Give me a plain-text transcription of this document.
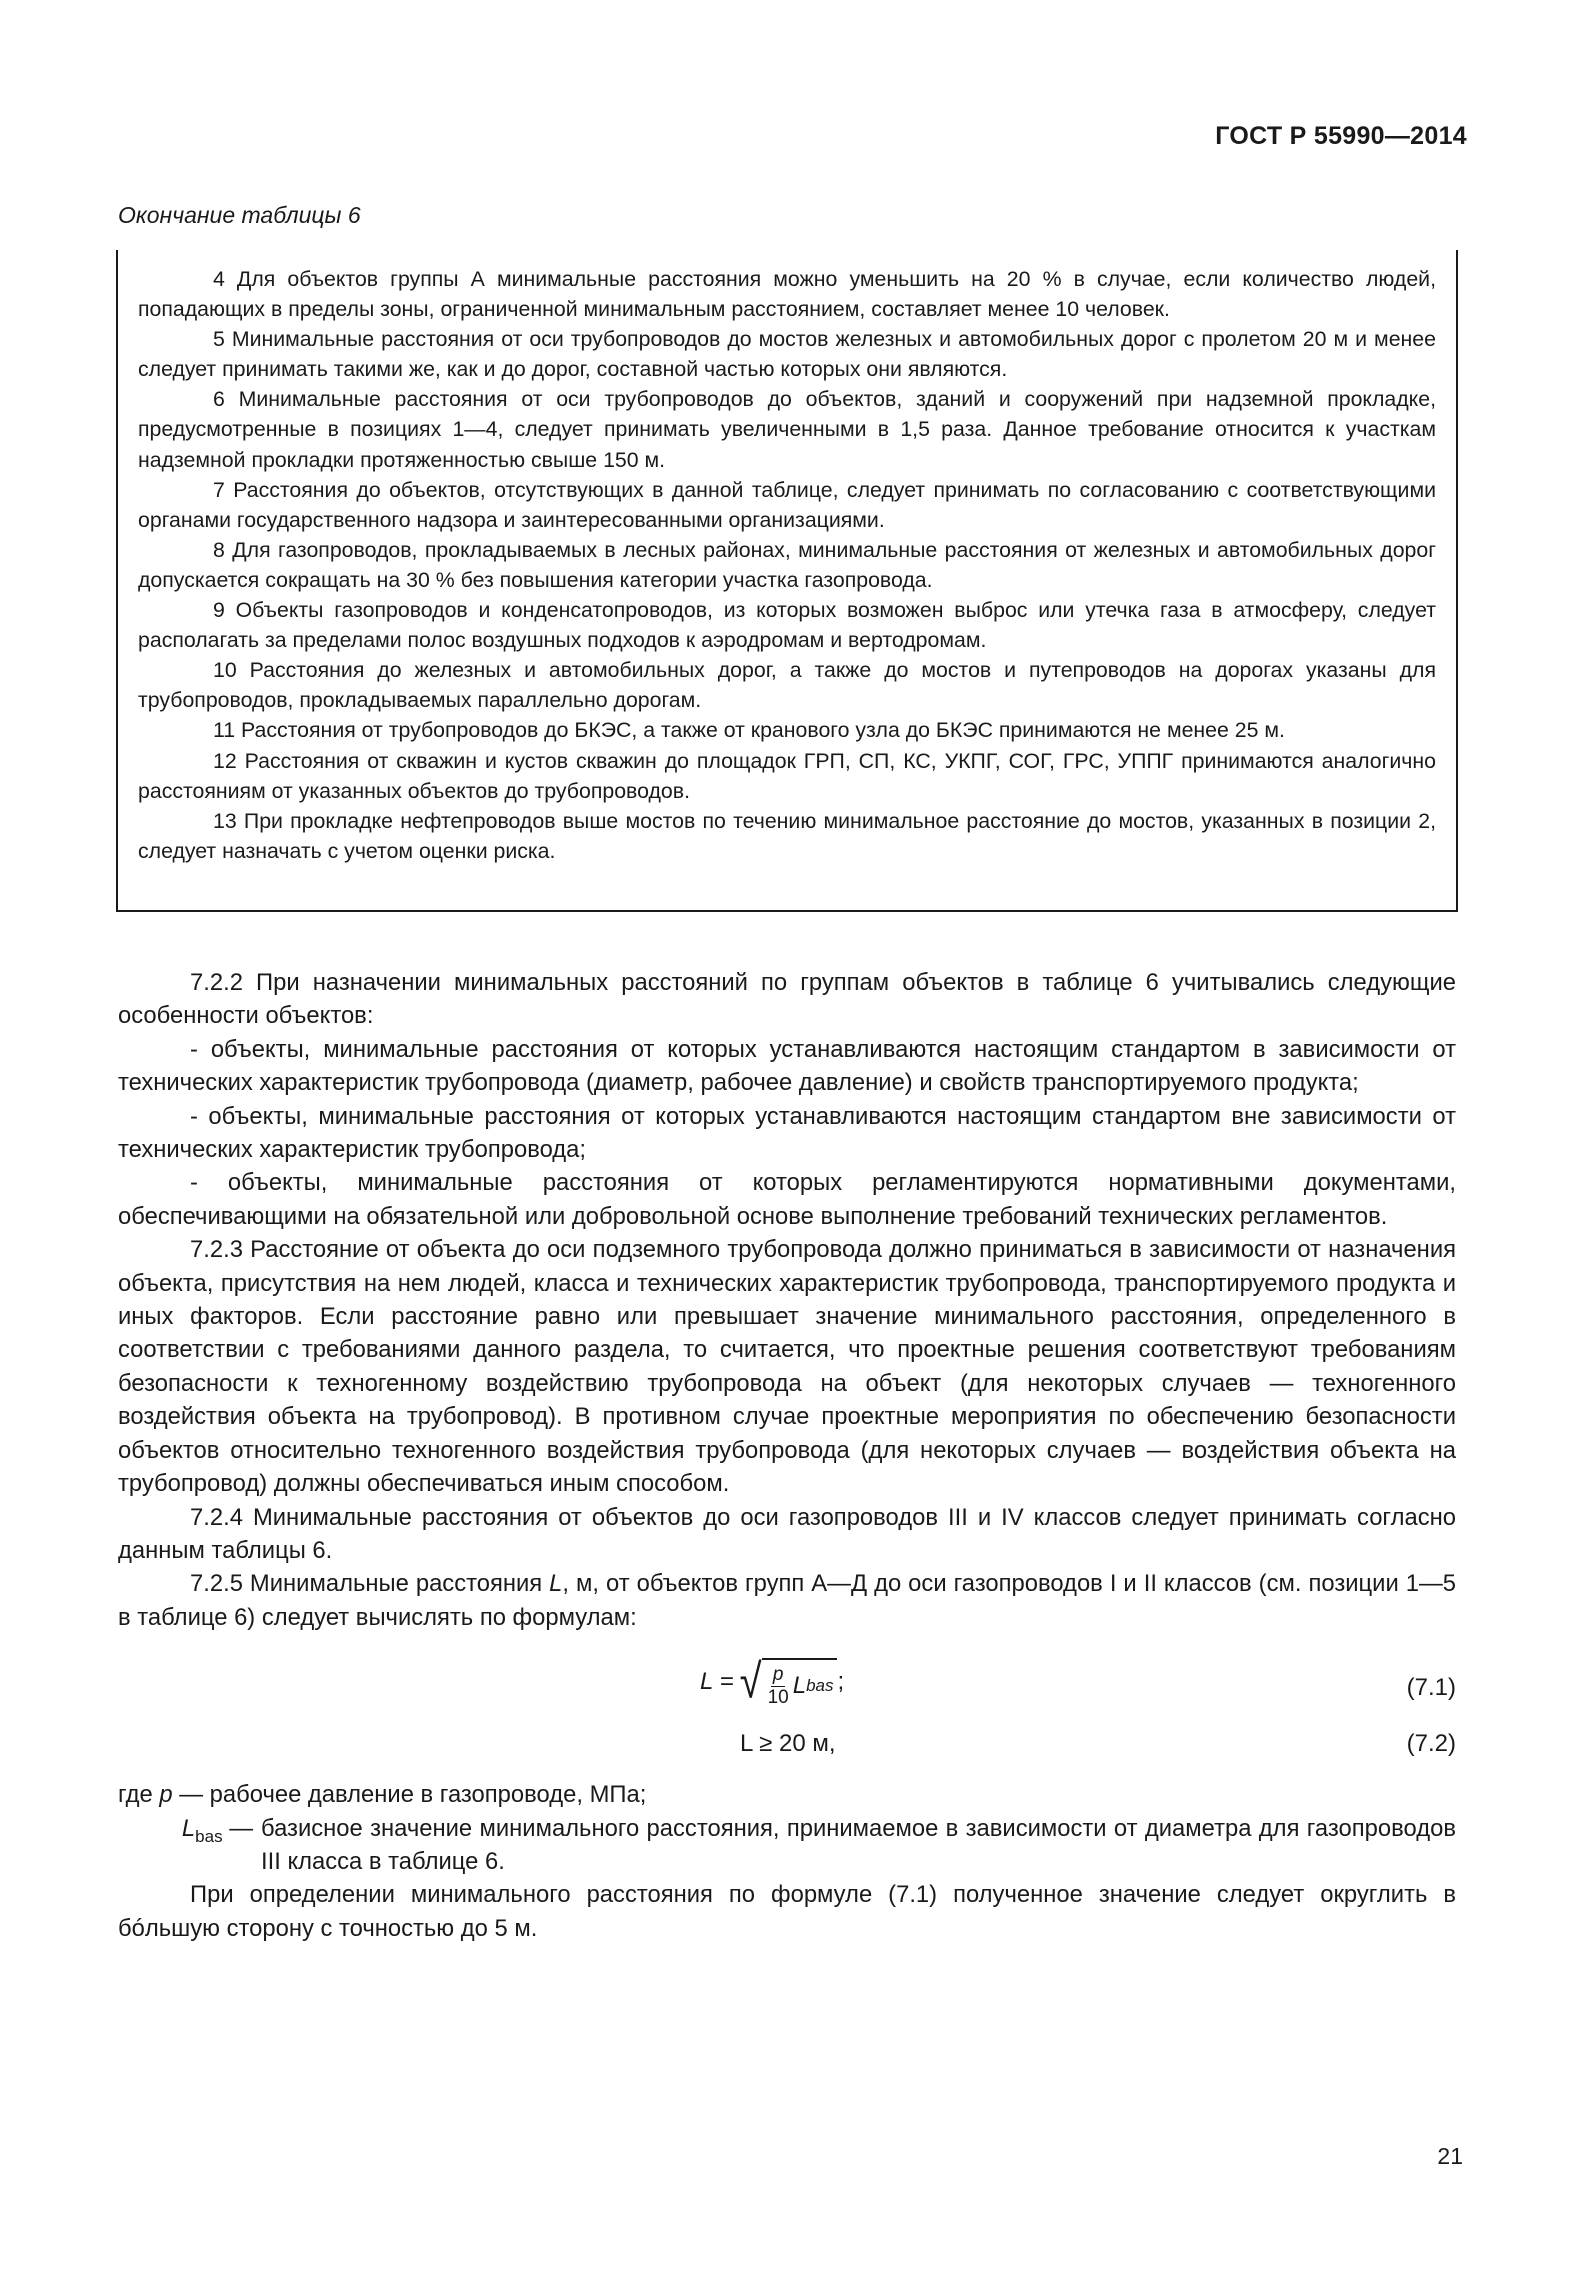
ГОСТ Р 55990—2014
Окончание таблицы 6

4 Для объектов группы А минимальные расстояния можно уменьшить на 20 % в случае, если количество людей, попадающих в пределы зоны, ограниченной минимальным расстоянием, составляет менее 10 человек.

5 Минимальные расстояния от оси трубопроводов до мостов железных и автомобильных дорог с пролетом 20 м и менее следует принимать такими же, как и до дорог, составной частью которых они являются.

6 Минимальные расстояния от оси трубопроводов до объектов, зданий и сооружений при надземной прокладке, предусмотренные в позициях 1—4, следует принимать увеличенными в 1,5 раза. Данное требование относится к участкам надземной прокладки протяженностью свыше 150 м.

7 Расстояния до объектов, отсутствующих в данной таблице, следует принимать по согласованию с соответствующими органами государственного надзора и заинтересованными организациями.

8 Для газопроводов, прокладываемых в лесных районах, минимальные расстояния от железных и автомобильных дорог допускается сокращать на 30 % без повышения категории участка газопровода.

9 Объекты газопроводов и конденсатопроводов, из которых возможен выброс или утечка газа в атмосферу, следует располагать за пределами полос воздушных подходов к аэродромам и вертодромам.

10 Расстояния до железных и автомобильных дорог, а также до мостов и путепроводов на дорогах указаны для трубопроводов, прокладываемых параллельно дорогам.

11 Расстояния от трубопроводов до БКЭС, а также от кранового узла до БКЭС принимаются не менее 25 м.

12 Расстояния от скважин и кустов скважин до площадок ГРП, СП, КС, УКПГ, СОГ, ГРС, УППГ принимаются аналогично расстояниям от указанных объектов до трубопроводов.

13 При прокладке нефтепроводов выше мостов по течению минимальное расстояние до мостов, указанных в позиции 2, следует назначать с учетом оценки риска.

7.2.2 При назначении минимальных расстояний по группам объектов в таблице 6 учитывались следующие особенности объектов:

- объекты, минимальные расстояния от которых устанавливаются настоящим стандартом в зависимости от технических характеристик трубопровода (диаметр, рабочее давление) и свойств транспортируемого продукта;

- объекты, минимальные расстояния от которых устанавливаются настоящим стандартом вне зависимости от технических характеристик трубопровода;

- объекты, минимальные расстояния от которых регламентируются нормативными документами, обеспечивающими на обязательной или добровольной основе выполнение требований технических регламентов.

7.2.3 Расстояние от объекта до оси подземного трубопровода должно приниматься в зависимости от назначения объекта, присутствия на нем людей, класса и технических характеристик трубопровода, транспортируемого продукта и иных факторов. Если расстояние равно или превышает значение минимального расстояния, определенного в соответствии с требованиями данного раздела, то считается, что проектные решения соответствуют требованиям безопасности к техногенному воздействию трубопровода на объект (для некоторых случаев — техногенного воздействия объекта на трубопровод). В противном случае проектные мероприятия по обеспечению безопасности объектов относительно техногенного воздействия трубопровода (для некоторых случаев — воздействия объекта на трубопровод) должны обеспечиваться иным способом.

7.2.4 Минимальные расстояния от объектов до оси газопроводов III и IV классов следует принимать согласно данным таблицы 6.

7.2.5 Минимальные расстояния L, м, от объектов групп А—Д до оси газопроводов I и II классов (см. позиции 1—5 в таблице 6) следует вычислять по формулам:

L = √ $\frac{p}{10}$ L bas ;	(7.1)
L ≥ 20 м,	(7.2)

где p — рабочее давление в газопроводе, МПа;

$L_{bas}$ — базисное значение минимального расстояния, принимаемое в зависимости от диаметра для газопроводов III класса в таблице 6.

При определении минимального расстояния по формуле (7.1) полученное значение следует округлить в бóльшую сторону с точностью до 5 м.

21
